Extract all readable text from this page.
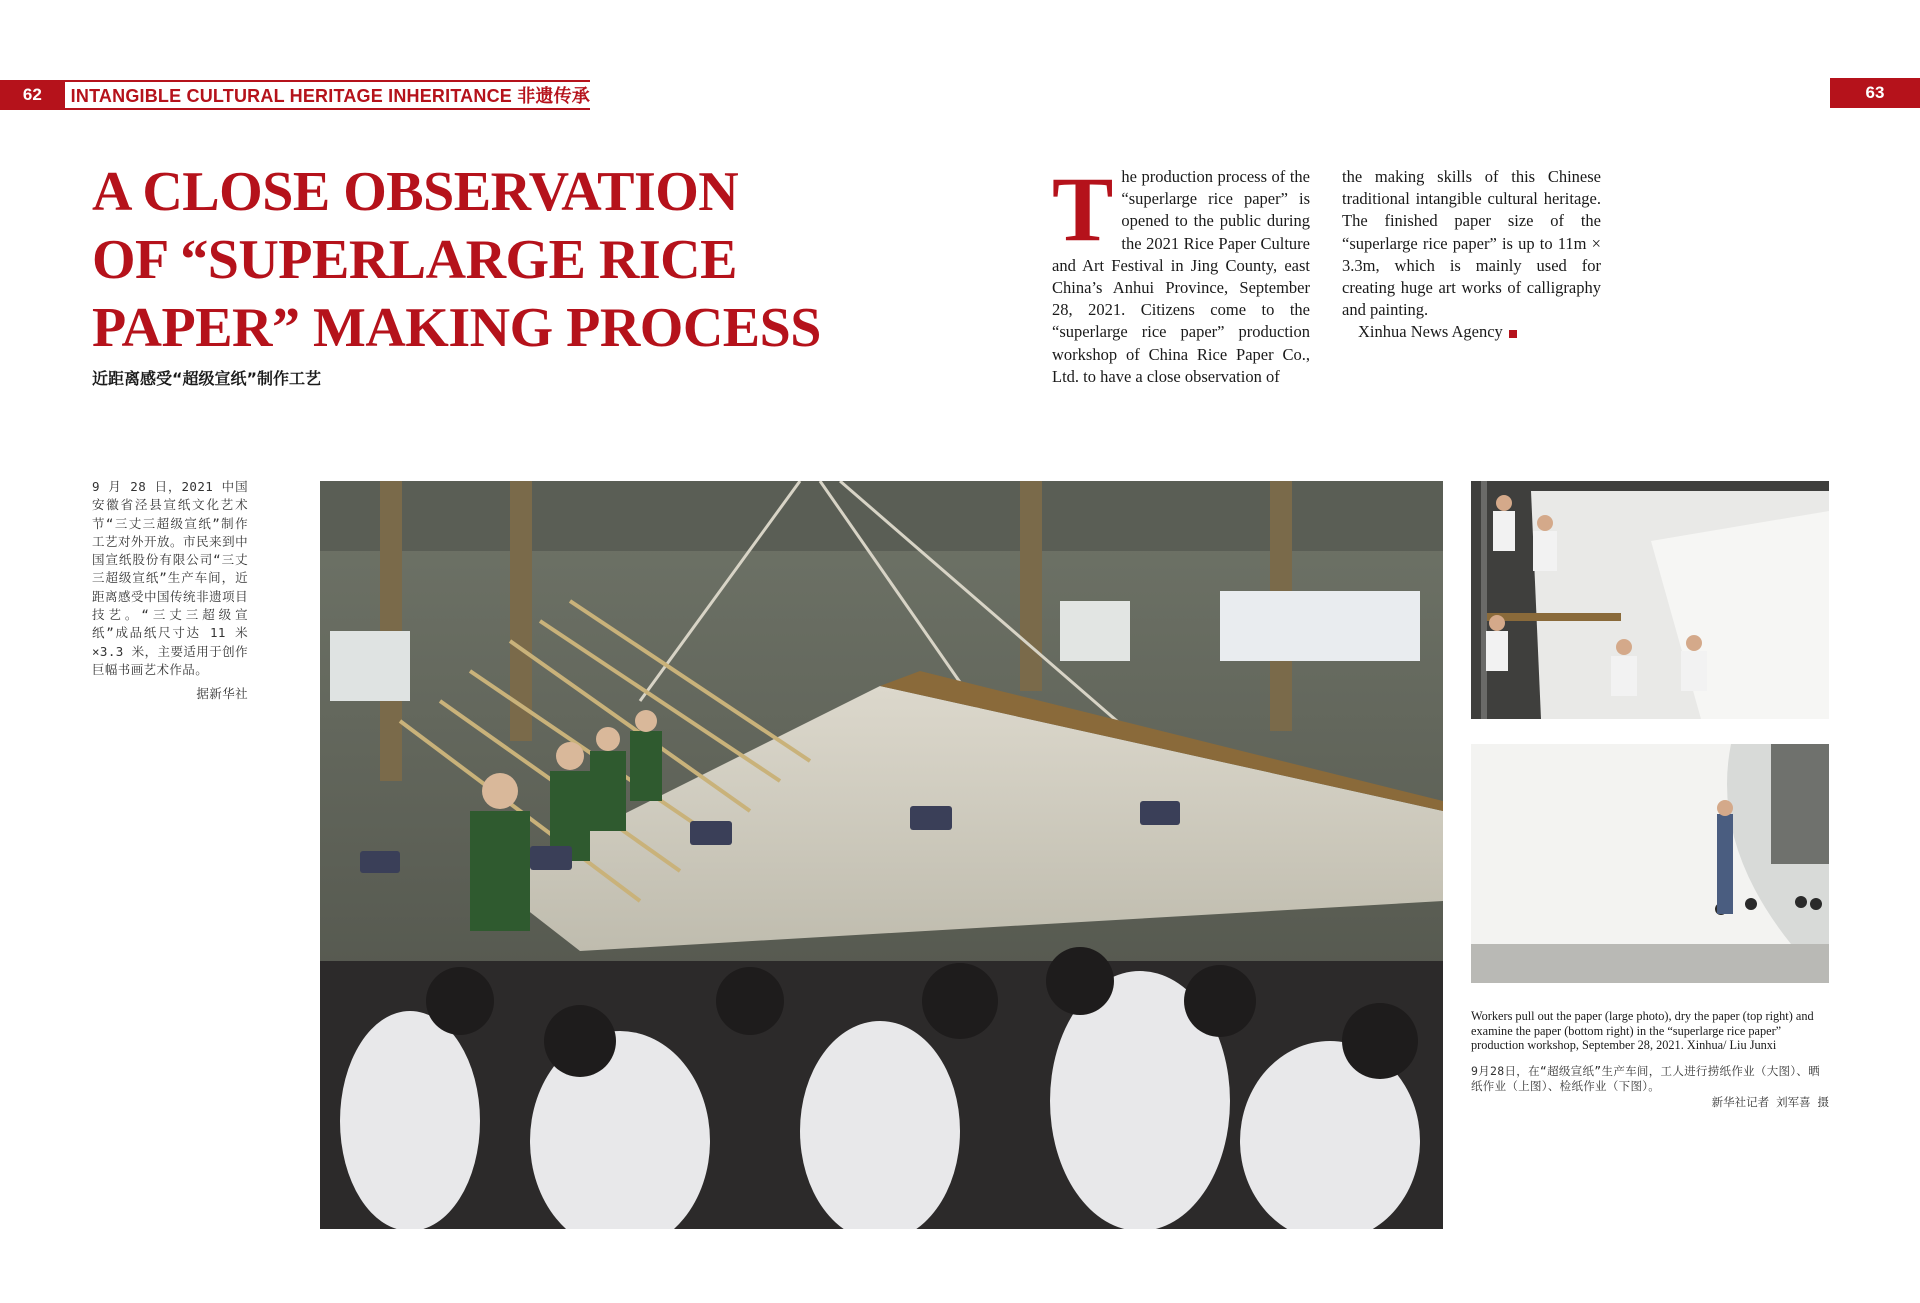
62	INTANGIBLE CULTURAL HERITAGE INHERITANCE 非遗传承	63
A CLOSE OBSERVATION
OF “SUPERLARGE RICE
PAPER” MAKING PROCESS
近距离感受“超级宣纸”制作工艺
The production process of the “superlarge rice paper” is opened to the public during the 2021 Rice Paper Culture and Art Festival in Jing County, east China’s Anhui Province, September 28, 2021. Citizens come to the “superlarge rice paper” production workshop of China Rice Paper Co., Ltd. to have a close observation of
the making skills of this Chinese traditional intangible cultural heritage. The finished paper size of the “superlarge rice paper” is up to 11m × 3.3m, which is mainly used for creating huge art works of calligraphy and painting.
Xinhua News Agency
9 月 28 日，2021 中国安徽省泾县宣纸文化艺术节“三丈三超级宣纸”制作工艺对外开放。市民来到中国宣纸股份有限公司“三丈三超级宣纸”生产车间，近距离感受中国传统非遗项目技艺。“三丈三超级宣纸”成品纸尺寸达 11 米 ×3.3 米，主要适用于创作巨幅书画艺术作品。
据新华社
Workers pull out the paper (large photo), dry the paper (top right) and examine the paper (bottom right) in the “superlarge rice paper” production workshop, September 28, 2021. Xinhua/ Liu Junxi
9月28日，在“超级宣纸”生产车间，工人进行捞纸作业（大图）、晒纸作业（上图）、检纸作业（下图）。
新华社记者 刘军喜 摄
